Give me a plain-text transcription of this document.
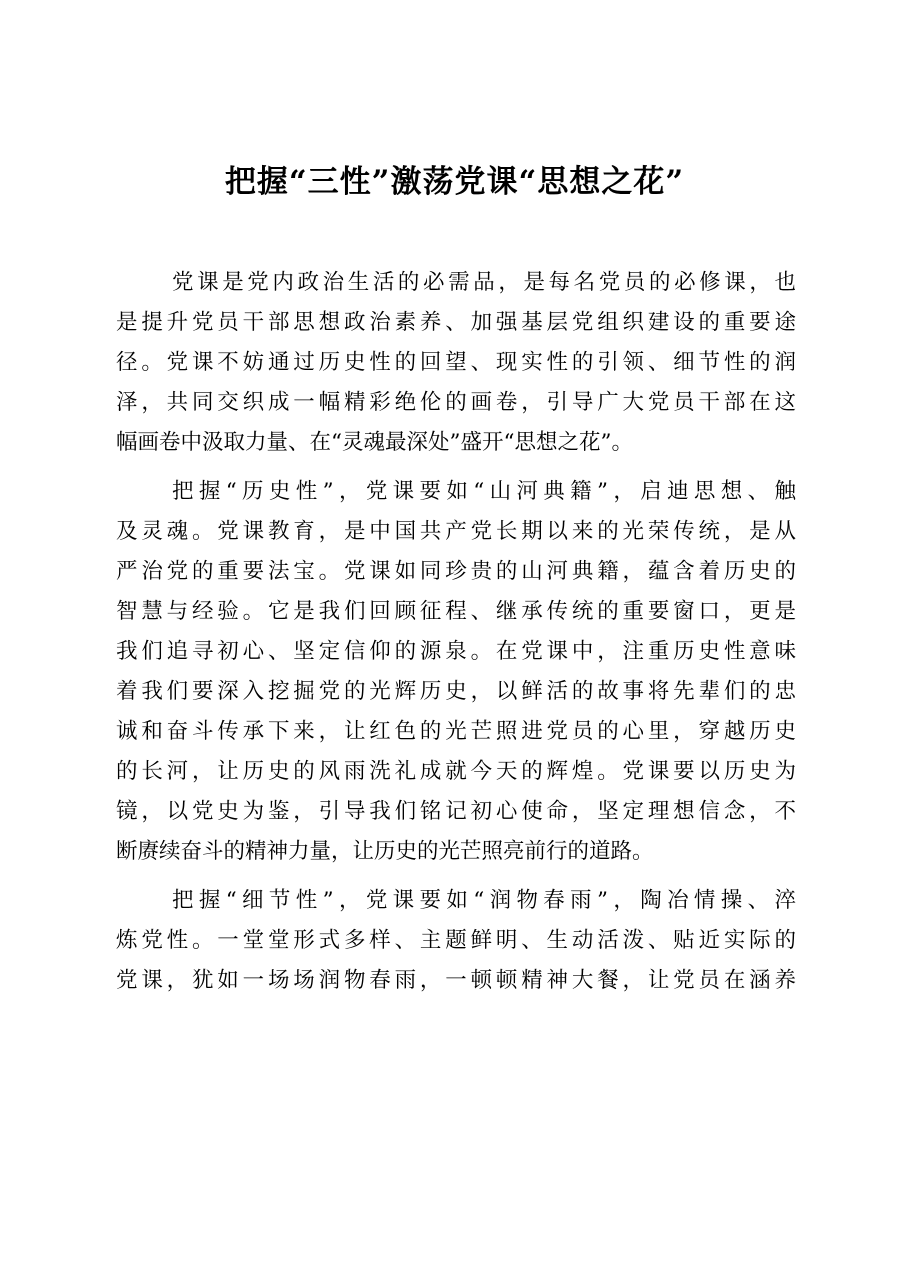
把握“三性”激荡党课“思想之花”
党课是党内政治生活的必需品，是每名党员的必修课，也
是提升党员干部思想政治素养、加强基层党组织建设的重要途
径。党课不妨通过历史性的回望、现实性的引领、细节性的润
泽，共同交织成一幅精彩绝伦的画卷，引导广大党员干部在这
幅画卷中汲取力量、在“灵魂最深处”盛开“思想之花”。
把握“历史性”，党课要如“山河典籍”，启迪思想、触
及灵魂。党课教育，是中国共产党长期以来的光荣传统，是从
严治党的重要法宝。党课如同珍贵的山河典籍，蕴含着历史的
智慧与经验。它是我们回顾征程、继承传统的重要窗口，更是
我们追寻初心、坚定信仰的源泉。在党课中，注重历史性意味
着我们要深入挖掘党的光辉历史，以鲜活的故事将先辈们的忠
诚和奋斗传承下来，让红色的光芒照进党员的心里，穿越历史
的长河，让历史的风雨洗礼成就今天的辉煌。党课要以历史为
镜，以党史为鉴，引导我们铭记初心使命，坚定理想信念，不
断赓续奋斗的精神力量，让历史的光芒照亮前行的道路。
把握“细节性”，党课要如“润物春雨”，陶冶情操、淬
炼党性。一堂堂形式多样、主题鲜明、生动活泼、贴近实际的
党课，犹如一场场润物春雨，一顿顿精神大餐，让党员在涵养
